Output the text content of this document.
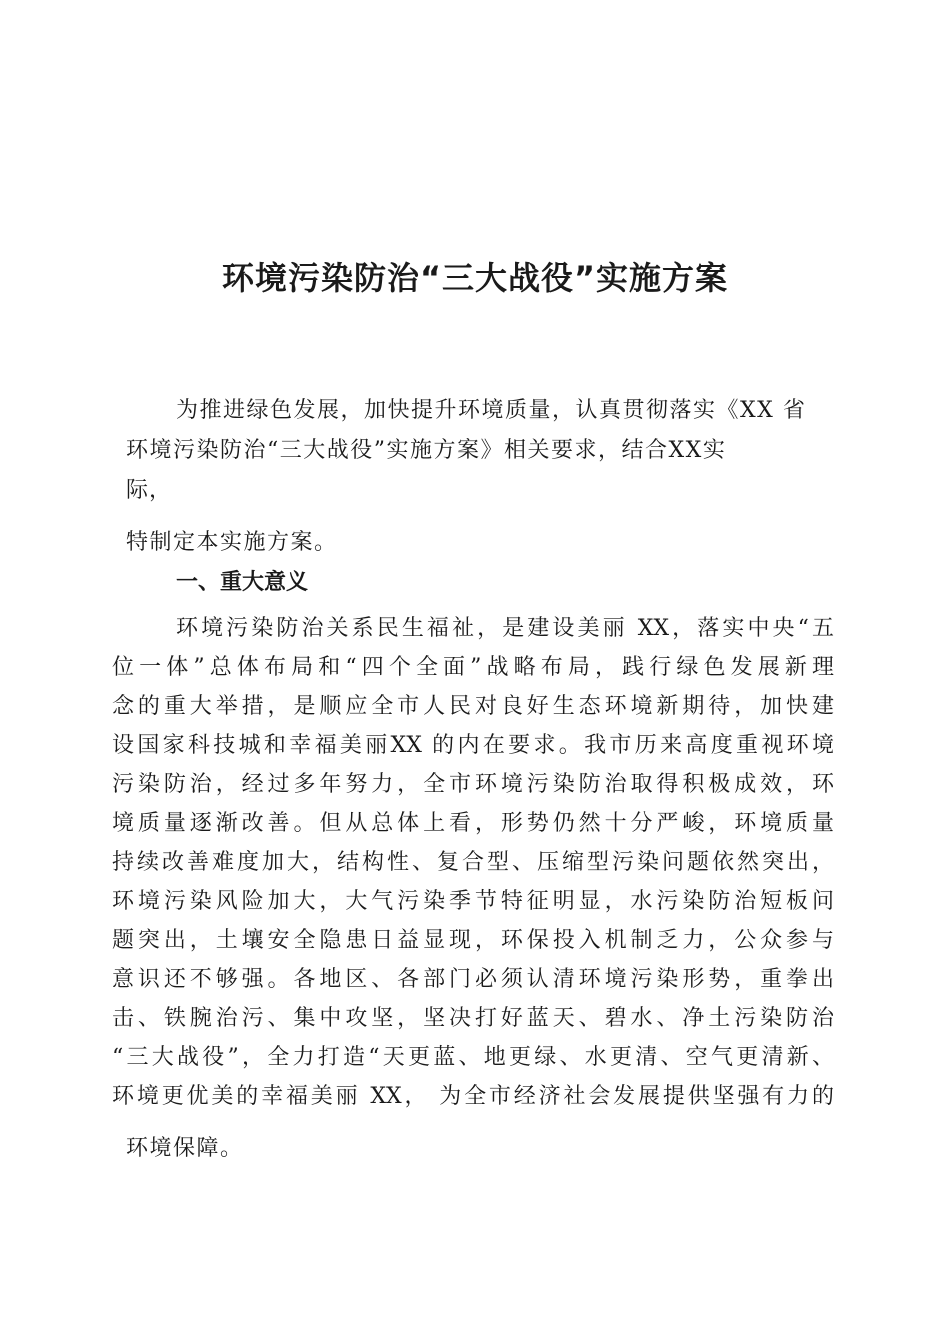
环境污染防治“三大战役”实施方案
为推进绿色发展，加快提升环境质量，认真贯彻落实《XX 省
环境污染防治“三大战役”实施方案》相关要求，结合XX实
际，
特制定本实施方案。
一、重大意义
环境污染防治关系民生福祉，是建设美丽 XX，落实中央“五
位一体”总体布局和“四个全面”战略布局，践行绿色发展新理
念的重大举措，是顺应全市人民对良好生态环境新期待，加快建
设国家科技城和幸福美丽XX 的内在要求。我市历来高度重视环境
污染防治，经过多年努力，全市环境污染防治取得积极成效，环
境质量逐渐改善。但从总体上看，形势仍然十分严峻，环境质量
持续改善难度加大，结构性、复合型、压缩型污染问题依然突出，
环境污染风险加大，大气污染季节特征明显，水污染防治短板问
题突出，土壤安全隐患日益显现，环保投入机制乏力，公众参与
意识还不够强。各地区、各部门必须认清环境污染形势，重拳出
击、铁腕治污、集中攻坚，坚决打好蓝天、碧水、净土污染防治
“三大战役”，全力打造“天更蓝、地更绿、水更清、空气更清新、
环境更优美的幸福美丽 XX， 为全市经济社会发展提供坚强有力的
环境保障。
